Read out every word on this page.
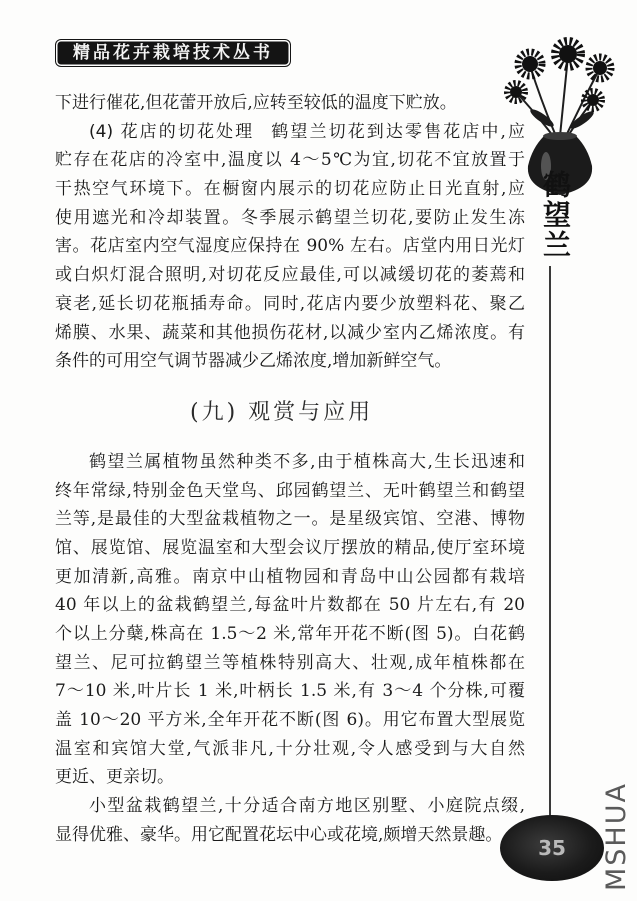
精品花卉栽培技术丛书
鹤望兰
下进行催花,但花蕾开放后,应转至较低的温度下贮放。
(4) 花店的切花处理 鹤望兰切花到达零售花店中,应
贮存在花店的冷室中,温度以 4～5℃为宜,切花不宜放置于
干热空气环境下。在橱窗内展示的切花应防止日光直射,应
使用遮光和冷却装置。冬季展示鹤望兰切花,要防止发生冻
害。花店室内空气湿度应保持在 90% 左右。店堂内用日光灯
或白炽灯混合照明,对切花反应最佳,可以减缓切花的萎蔫和
衰老,延长切花瓶插寿命。同时,花店内要少放塑料花、聚乙
烯膜、水果、蔬菜和其他损伤花材,以减少室内乙烯浓度。有
条件的可用空气调节器减少乙烯浓度,增加新鲜空气。
(九) 观赏与应用
鹤望兰属植物虽然种类不多,由于植株高大,生长迅速和
终年常绿,特别金色天堂鸟、邱园鹤望兰、无叶鹤望兰和鹤望
兰等,是最佳的大型盆栽植物之一。是星级宾馆、空港、博物
馆、展览馆、展览温室和大型会议厅摆放的精品,使厅室环境
更加清新,高雅。南京中山植物园和青岛中山公园都有栽培
40 年以上的盆栽鹤望兰,每盆叶片数都在 50 片左右,有 20
个以上分蘖,株高在 1.5～2 米,常年开花不断(图 5)。白花鹤
望兰、尼可拉鹤望兰等植株特别高大、壮观,成年植株都在
7～10 米,叶片长 1 米,叶柄长 1.5 米,有 3～4 个分株,可覆
盖 10～20 平方米,全年开花不断(图 6)。用它布置大型展览
温室和宾馆大堂,气派非凡,十分壮观,令人感受到与大自然
更近、更亲切。
小型盆栽鹤望兰,十分适合南方地区别墅、小庭院点缀,
显得优雅、豪华。用它配置花坛中心或花境,颇增天然景趣。
35	MSHUA
